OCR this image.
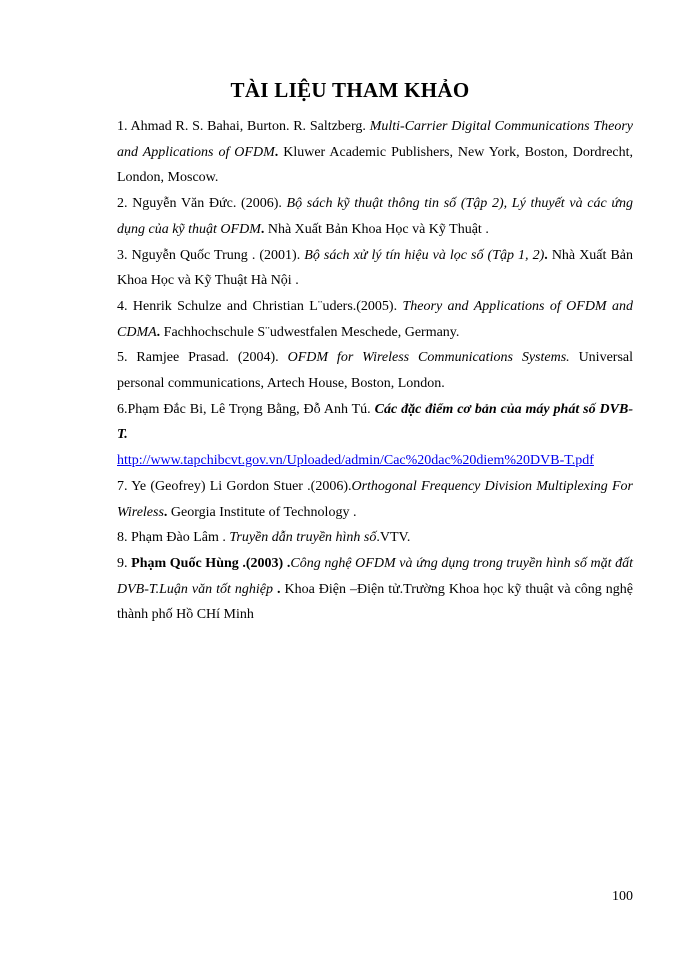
TÀI LIỆU THAM KHẢO

1. Ahmad R. S. Bahai, Burton. R. Saltzberg. Multi-Carrier Digital Communications Theory and Applications of OFDM. Kluwer Academic Publishers, New York, Boston, Dordrecht, London, Moscow.

2. Nguyễn Văn Đức. (2006). Bộ sách kỹ thuật thông tin số (Tập 2), Lý thuyết và các ứng dụng của kỹ thuật OFDM. Nhà Xuất Bản Khoa Học và Kỹ Thuật .

3. Nguyễn Quốc Trung . (2001). Bộ sách xử lý tín hiệu và lọc số (Tập 1, 2). Nhà Xuất Bản Khoa Học và Kỹ Thuật Hà Nội .

4. Henrik Schulze and Christian L¨uders.(2005). Theory and Applications of OFDM and CDMA. Fachhochschule S¨udwestfalen Meschede, Germany.

5. Ramjee Prasad. (2004). OFDM for Wireless Communications Systems. Universal personal communications, Artech House, Boston, London.

6.Phạm Đắc Bi, Lê Trọng Bằng, Đỗ Anh Tú. Các đặc điểm cơ bản của máy phát số DVB-T.
http://www.tapchibcvt.gov.vn/Uploaded/admin/Cac%20dac%20diem%20DVB-T.pdf

7. Ye (Geofrey) Li Gordon Stuer .(2006).Orthogonal Frequency Division Multiplexing For Wireless. Georgia Institute of Technology .

8. Phạm Đào Lâm . Truyền dẫn truyền hình số.VTV.

9. Phạm Quốc Hùng .(2003) .Công nghệ OFDM và ứng dụng trong truyền hình số mặt đất DVB-T.Luận văn tốt nghiệp . Khoa Điện –Điện tử.Trường Khoa học kỹ thuật và công nghệ thành phố Hồ CHí Minh

100
